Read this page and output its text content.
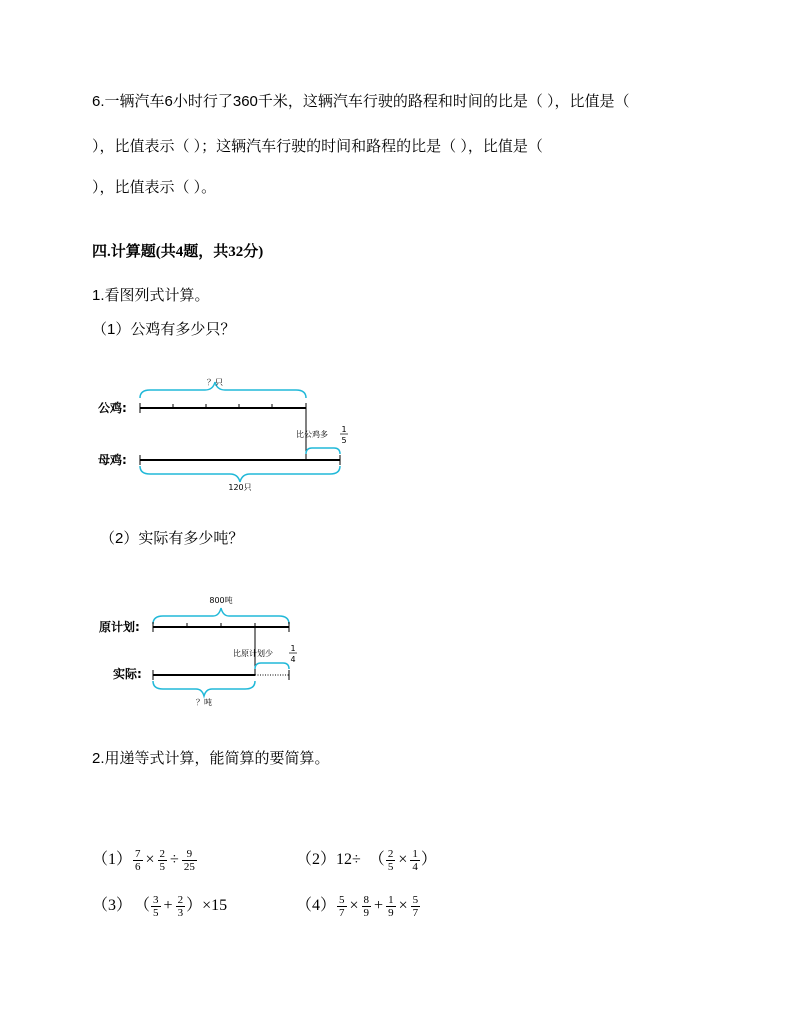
6.一辆汽车6小时行了360千米，这辆汽车行驶的路程和时间的比是（ ），比值是（
），比值表示（ ）；这辆汽车行驶的时间和路程的比是（ ），比值是（
），比值表示（ ）。
四.计算题(共4题，共32分)
1.看图列式计算。
（1）公鸡有多少只？
？只
公鸡:
比公鸡多
1
5
母鸡:
120只
（2）实际有多少吨？
800吨
原计划:
比原计划少
1
4
实际:
？吨
2.用递等式计算，能简算的要简算。
$(1) \frac{7}{6} \times \frac{2}{5} \div \frac{9}{25}$	（2）12÷ （ $\frac{2}{5} \times \frac{1}{4}$ ）
（3） （ $\frac{3}{5} + \frac{2}{3} )\times 15$	$(4) \frac{5}{7} \times \frac{8}{9} + \frac{1}{9} \times \frac{5}{7}$
